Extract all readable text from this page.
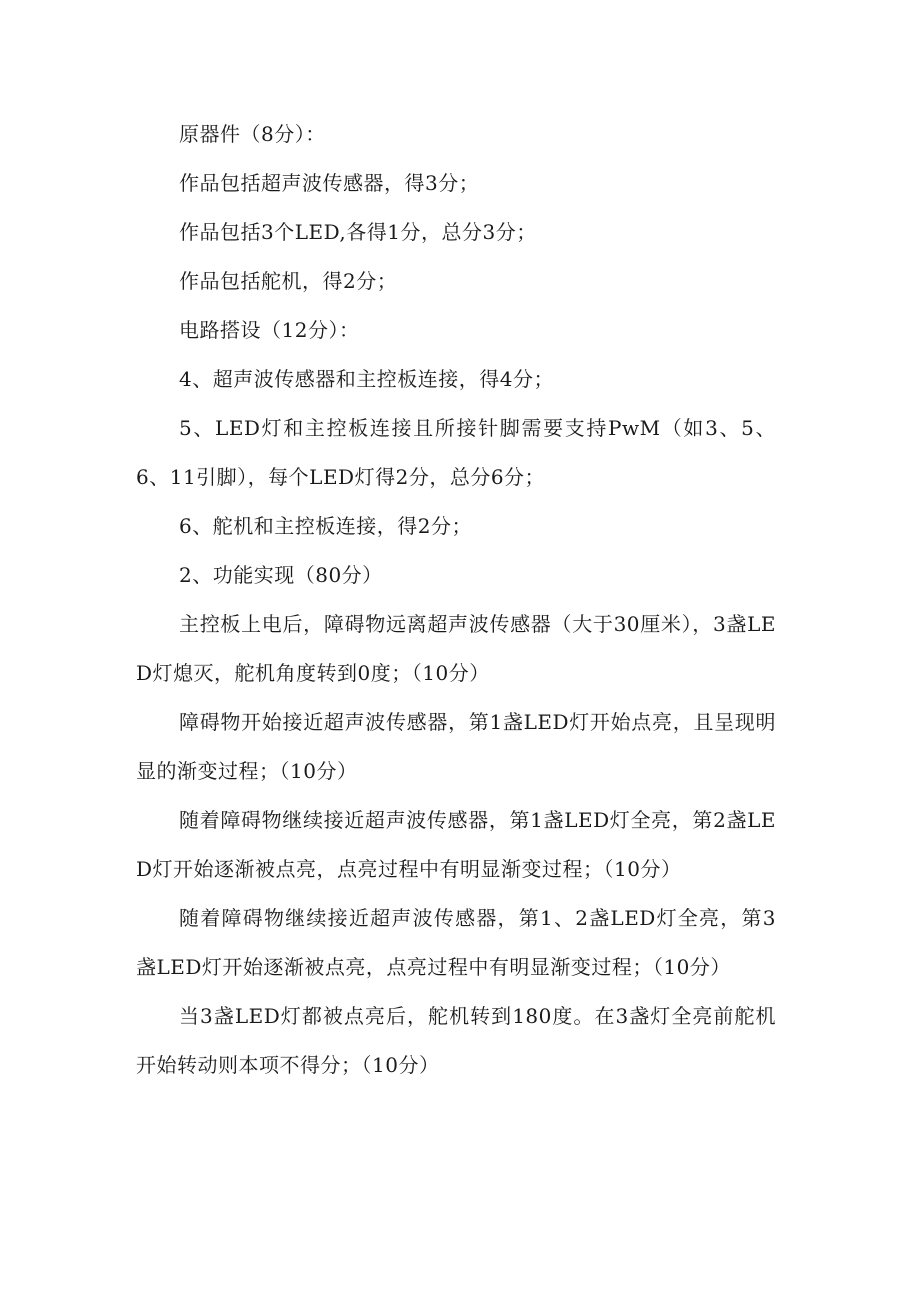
原器件（8分）：

作品包括超声波传感器，得3分；

作品包括3个LED,各得1分，总分3分；

作品包括舵机，得2分；

电路搭设（12分）：

4、超声波传感器和主控板连接，得4分；

5、LED灯和主控板连接且所接针脚需要支持PwM（如3、5、6、11引脚），每个LED灯得2分，总分6分；

6、舵机和主控板连接，得2分；

2、功能实现（80分）

主控板上电后，障碍物远离超声波传感器（大于30厘米），3盏LED灯熄灭，舵机角度转到0度；（10分）

障碍物开始接近超声波传感器，第1盏LED灯开始点亮，且呈现明显的渐变过程；（10分）

随着障碍物继续接近超声波传感器，第1盏LED灯全亮，第2盏LED灯开始逐渐被点亮，点亮过程中有明显渐变过程；（10分）

随着障碍物继续接近超声波传感器，第1、2盏LED灯全亮，第3盏LED灯开始逐渐被点亮，点亮过程中有明显渐变过程；（10分）

当3盏LED灯都被点亮后，舵机转到180度。在3盏灯全亮前舵机开始转动则本项不得分；（10分）
